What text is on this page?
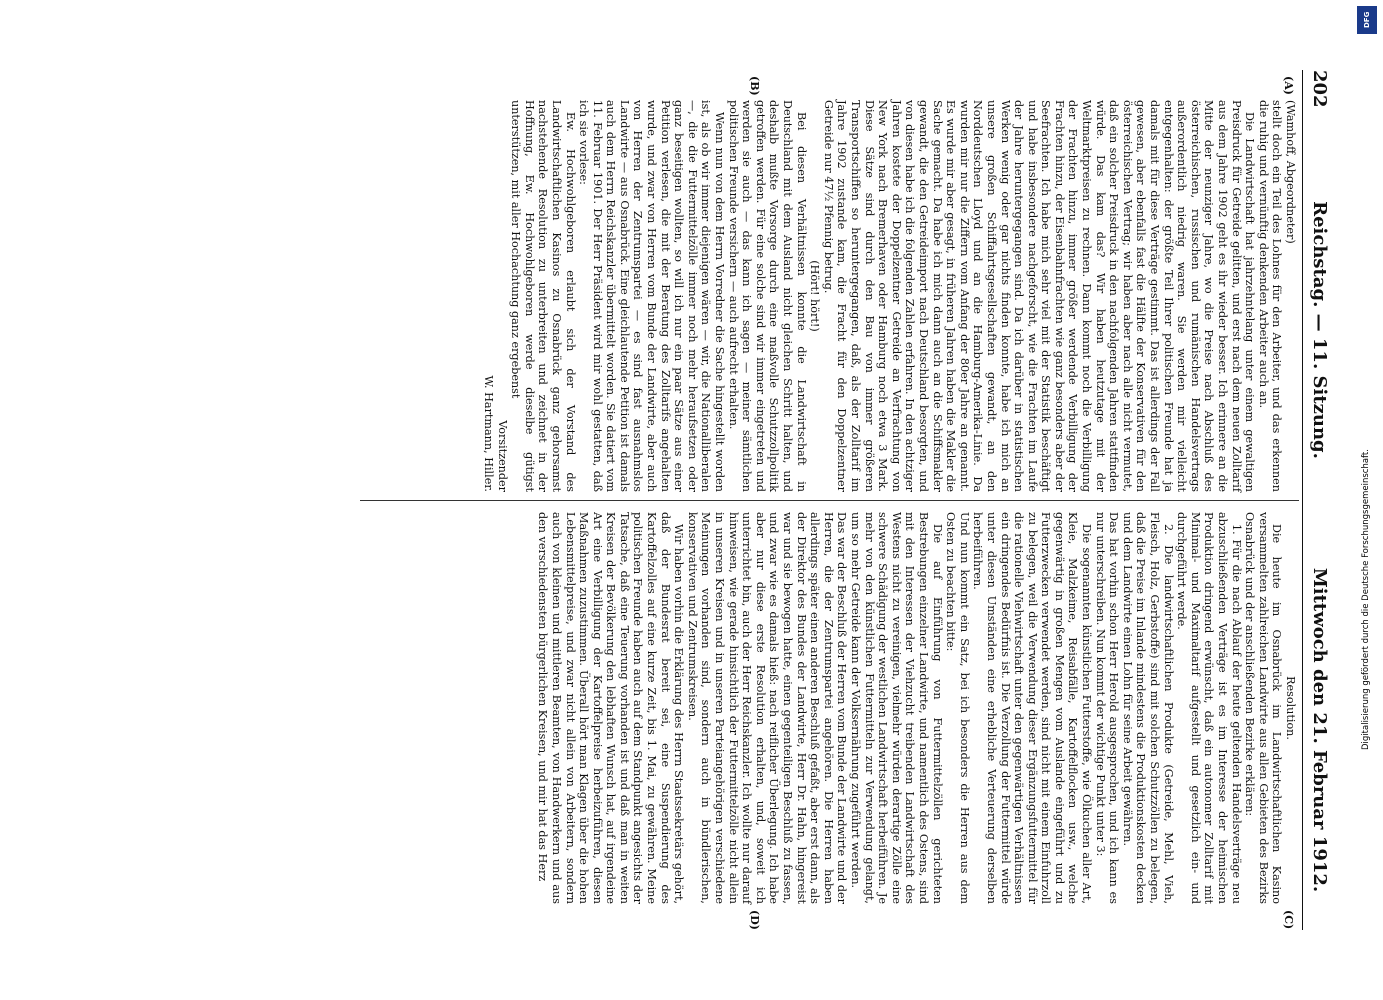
202
Reichstag. — 11. Sitzung.
Mittwoch den 21. Februar 1912.
(A)
(B)
(C)
(D)

(Wamhoff, Abgeordneter)

stellt doch ein Teil des Lohnes für den Arbeiter, und das erkennen die ruhig und vernünftig denkenden Arbeiter auch an.

Die Landwirtschaft hat jahrzehntelang unter einem gewaltigen Preisdruck für Getreide gelitten, und erst nach dem neuen Zolltarif aus dem Jahre 1902 geht es ihr wieder besser. Ich erinnere an die Mitte der neunziger Jahre, wo die Preise nach Abschluß des österreichischen, russischen und rumänischen Handelsvertrags außerordentlich niedrig waren. Sie werden mir vielleicht entgegenhalten: der größte Teil Ihrer politischen Freunde hat ja damals mit für diese Verträge gestimmt. Das ist allerdings der Fall gewesen, aber ebenfalls fast die Hälfte der Konservativen für den österreichischen Vertrag; wir haben aber nach alle nicht vermutet, daß ein solcher Preisdruck in den nachfolgenden Jahren stattfinden würde. Das kam das? Wir haben heutzutage mit der Weltmarktpreisen zu rechnen. Dann kommt noch die Verbilligung der Frachten hinzu, immer größer werdende Verbilligung der Frachten hinzu, der Eisenbahnfrachten wie ganz besonders aber der Seefrachten. Ich habe mich sehr viel mit der Statistik beschäftigt und habe insbesondere nachgeforscht, wie die Frachten im Laufe der Jahre heruntergegangen sind. Da ich darüber in statistischen Werken wenig oder gar nichts finden konnte, habe ich mich an unsere großen Schiffahrtsgesellschaften gewandt, an den Norddeutschen Lloyd und an die Hamburg-Amerika-Linie. Da wurden mir nur die Ziffern vom Anfang der 80er Jahre an genannt. Es wurde mir aber gesagt, in früheren Jahren haben die Makler die Sache gemacht. Da habe ich mich dann auch an die Schiffsmakler gewandt, die den Getreideimport nach Deutschland besorgten, und von diesen habe ich die folgenden Zahlen erfahren. In den achtziger Jahren kostete der Doppelzentner Getreide an Verfrachtung von New York nach Bremerhaven oder Hamburg noch etwa 3 Mark. Diese Sätze sind durch den Bau von immer größeren Transportschiffen so heruntergegangen, daß, als der Zolltarif im Jahre 1902 zustande kam, die Fracht für den Doppelzentner Getreide nur 47½ Pfennig betrug.

(Hört! hört!)

Bei diesen Verhältnissen konnte die Landwirtschaft in Deutschland mit dem Ausland nicht gleichen Schritt halten, und deshalb mußte Vorsorge durch eine maßvolle Schutzzollpolitik getroffen werden. Für eine solche sind wir immer eingetreten und werden sie auch — das kann ich sagen — meiner sämtlichen politischen Freunde versichern — auch aufrecht erhalten.

Wenn nun von dem Herrn Vorredner die Sache hingestellt worden ist, als ob wir immer diejenigen wären — wir, die Nationalliberalen —, die die Futtermittelzölle immer noch mehr heraufsetzen oder ganz beseitigen wollten, so will ich nur ein paar Sätze aus einer Petition verlesen, die mit der Beratung des Zolltarifs angehalten wurde, und zwar von Herren vom Bunde der Landwirte, aber auch von Herren der Zentrumspartei — es sind fast ausnahmslos Landwirte — aus Osnabrück. Eine gleichlautende Petition ist damals auch dem Herrn Reichskanzler übermittelt worden. Sie datiert vom 11. Februar 1901. Der Herr Präsident wird mir wohl gestatten, daß ich sie vorlese:

Ew. Hochwohlgeboren erlaubt sich der Vorstand des Landwirtschaftlichen Kasinos zu Osnabrück ganz gehorsamst nachstehende Resolution zu unterbreiten und zeichnet in der Hoffnung, Ew. Hochwohlgeboren werde dieselbe gütigst unterstützen, mit aller Hochachtung ganz ergebenst

Vorsitzender

W. Hartmann, Hiller.

Resolution.

Die heute im Osnabrück im Landwirtschaftlichen Kasino versammelten zahlreichen Landwirte aus allen Gebieten des Bezirks Osnabrück und der anschließenden Bezirke erklären:

1. Für die nach Ablauf der heute geltenden Handelsverträge neu abzuschließenden Verträge ist es im Interesse der heimischen Produktion dringend erwünscht, daß ein autonomer Zolltarif mit Minimal- und Maximaltarif aufgestellt und gesetzlich ein- und durchgeführt werde.

2. Die landwirtschaftlichen Produkte (Getreide, Mehl, Vieh, Fleisch, Holz, Gerbstoffe) sind mit solchen Schutzzöllen zu belegen, daß die Preise im Inlande mindestens die Produktionskosten decken und dem Landwirte einen Lohn für seine Arbeit gewähren.

Das hat vorhin schon Herr Herold ausgesprochen, und ich kann es nur unterschreiben. Nun kommt der wichtige Punkt unter 3:

Die sogenannten künstlichen Futterstoffe, wie Ölkuchen aller Art, Kleie, Malzkeime, Reisabfälle, Kartoffelflocken usw., welche gegenwärtig in großen Mengen vom Auslande eingeführt und zu Futterzwecken verwendet werden, sind nicht mit einem Einfuhrzoll zu belegen, weil die Verwendung dieser Ergänzungsfuttermittel für die rationelle Viehwirtschaft unter den gegenwärtigen Verhältnissen ein dringendes Bedürfnis ist. Die Verzollung der Futtermittel würde unter diesen Umständen eine erhebliche Verteuerung derselben herbeiführen.

Und nun kommt ein Satz, bei ich besonders die Herren aus dem Osten zu beachten bitte:

Die auf Einführung von Futtermittelzöllen gerichteten Bestrebungen einzelner Landwirte, und namentlich des Ostens, sind mit den Interessen der Viehzucht treibenden Landwirtschaft des Westens nicht zu vereinigen, vielmehr würden derartige Zölle eine schwere Schädigung der westlichen Landwirtschaft herbeiführen. Je mehr von den künstlichen Futtermitteln zur Verwendung gelangt, um so mehr Getreide kann der Volksernährung zugeführt werden.

Das war der Beschluß der Herren vom Bunde der Landwirte und der Herren, die der Zentrumspartei angehören. Die Herren haben allerdings später einen anderen Beschluß gefaßt, aber erst dann, als der Direktor des Bundes der Landwirte, Herr Dr. Hahn, hingereist war und sie bewogen hatte, einen gegenteiligen Beschluß zu fassen, und zwar wie es damals hieß: nach reiflicher Überlegung. Ich habe aber nur diese erste Resolution erhalten, und, soweit ich unterrichtet bin, auch der Herr Reichskanzler. Ich wollte nur darauf hinweisen, wie gerade hinsichtlich der Futtermittelzölle nicht allein in unseren Kreisen und in unseren Parteiangehörigen verschiedene Meinungen vorhanden sind, sondern auch in bündlerischen, konservativen und Zentrumskreisen.

Wir haben vorhin die Erklärung des Herrn Staatssekretärs gehört, daß der Bundesrat bereit sei, eine Suspendierung des Kartoffelzolles auf eine kurze Zeit, bis 1. Mai, zu gewähren. Meine politischen Freunde haben auch auf dem Standpunkt angesichts der Tatsache, daß eine Teuerung vorhanden ist und daß man in weiten Kreisen der Bevölkerung den lebhaften Wunsch hat, auf irgendeine Art eine Verbilligung der Kartoffelpreise herbeizuführen, diesen Maßnahmen zuzustimmen. Überall hört man Klagen über die hohen Lebensmittelpreise, und zwar nicht allein von Arbeitern, sondern auch von kleinen und mittleren Beamten, von Handwerkern und aus den verschiedensten bürgerlichen Kreisen, und mir hat das Herz

DFG
Digitalisierung gefördert durch die Deutsche Forschungsgemeinschaft.
